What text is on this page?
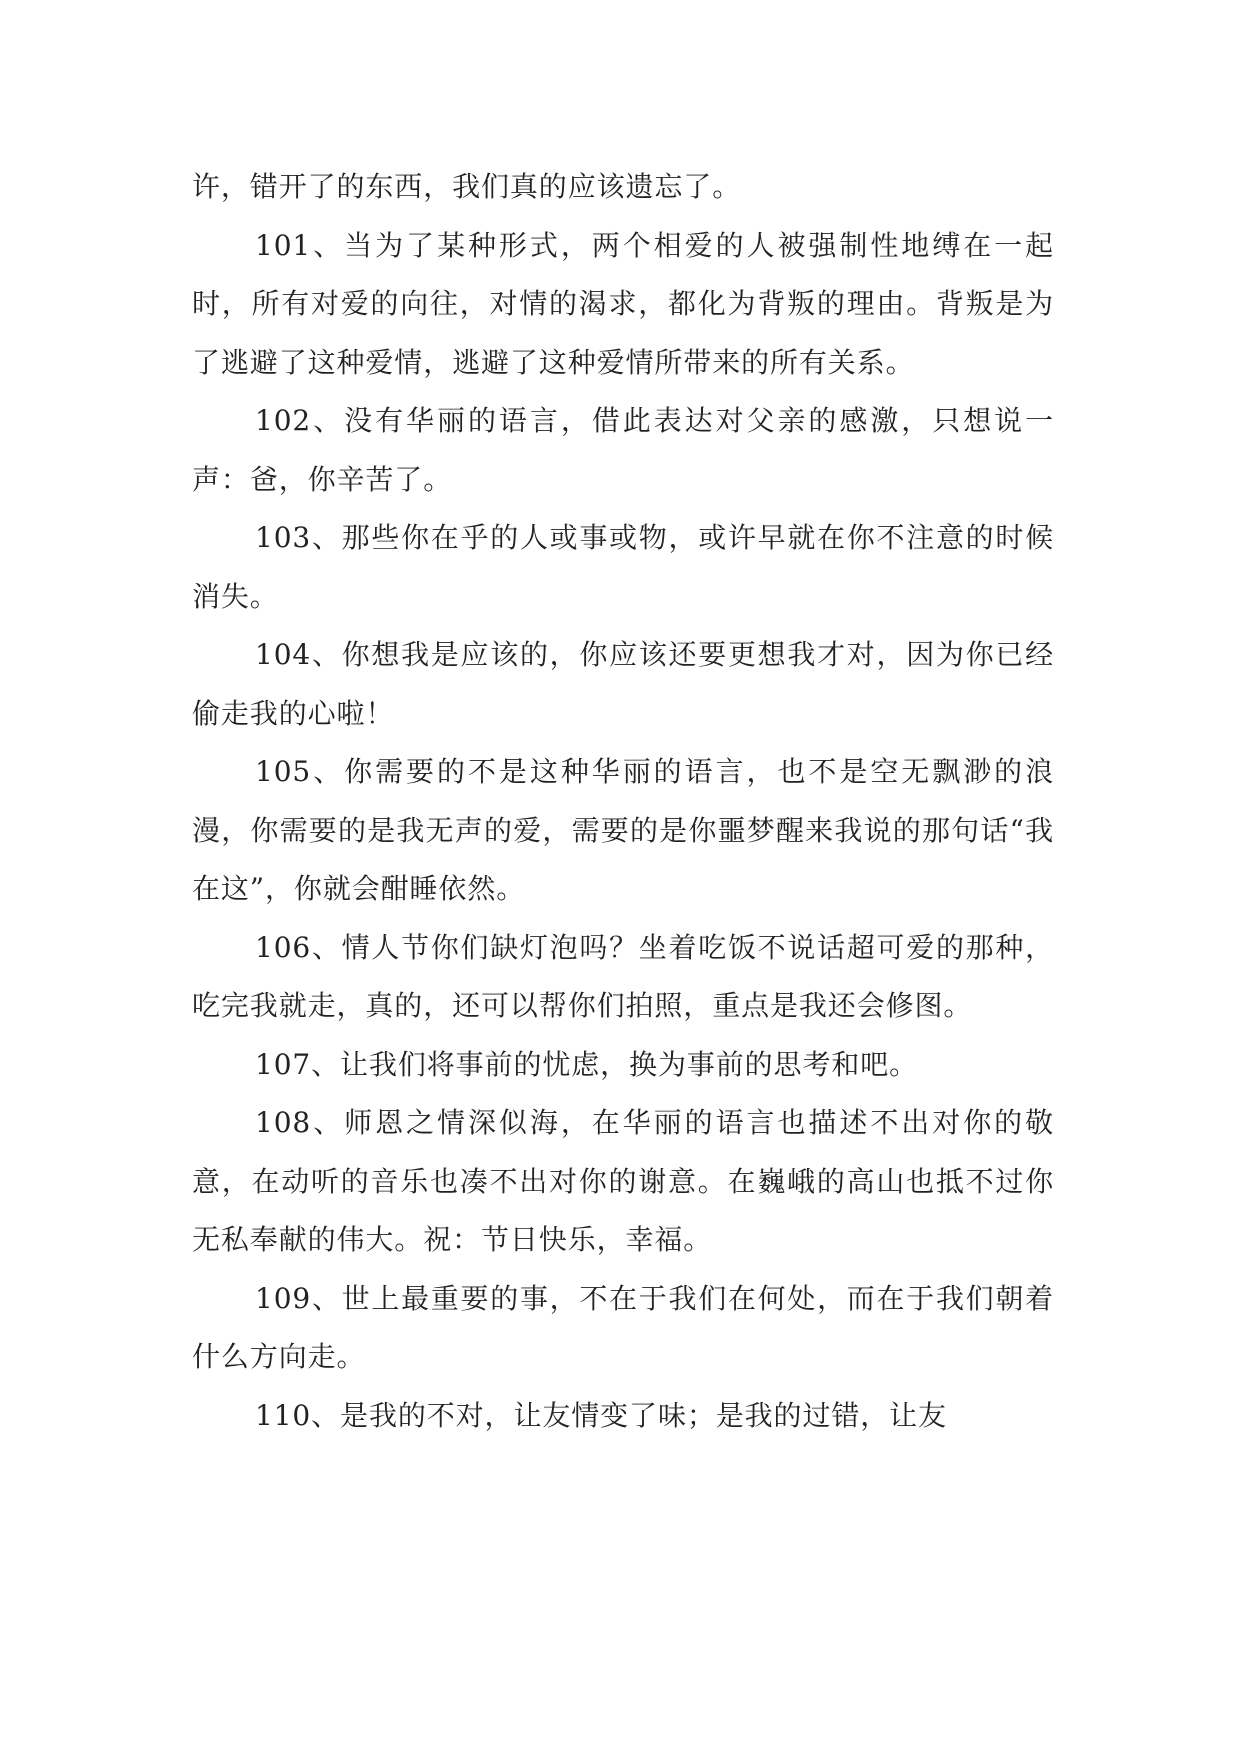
许，错开了的东西，我们真的应该遗忘了。

101、当为了某种形式，两个相爱的人被强制性地缚在一起时，所有对爱的向往，对情的渴求，都化为背叛的理由。背叛是为了逃避了这种爱情，逃避了这种爱情所带来的所有关系。

102、没有华丽的语言，借此表达对父亲的感激，只想说一声：爸，你辛苦了。

103、那些你在乎的人或事或物，或许早就在你不注意的时候消失。

104、你想我是应该的，你应该还要更想我才对，因为你已经偷走我的心啦！

105、你需要的不是这种华丽的语言，也不是空无飘渺的浪漫，你需要的是我无声的爱，需要的是你噩梦醒来我说的那句话“我在这”，你就会酣睡依然。

106、情人节你们缺灯泡吗？坐着吃饭不说话超可爱的那种，吃完我就走，真的，还可以帮你们拍照，重点是我还会修图。

107、让我们将事前的忧虑，换为事前的思考和吧。

108、师恩之情深似海，在华丽的语言也描述不出对你的敬意，在动听的音乐也凑不出对你的谢意。在巍峨的高山也抵不过你无私奉献的伟大。祝：节日快乐，幸福。

109、世上最重要的事，不在于我们在何处，而在于我们朝着什么方向走。

110、是我的不对，让友情变了味；是我的过错，让友
